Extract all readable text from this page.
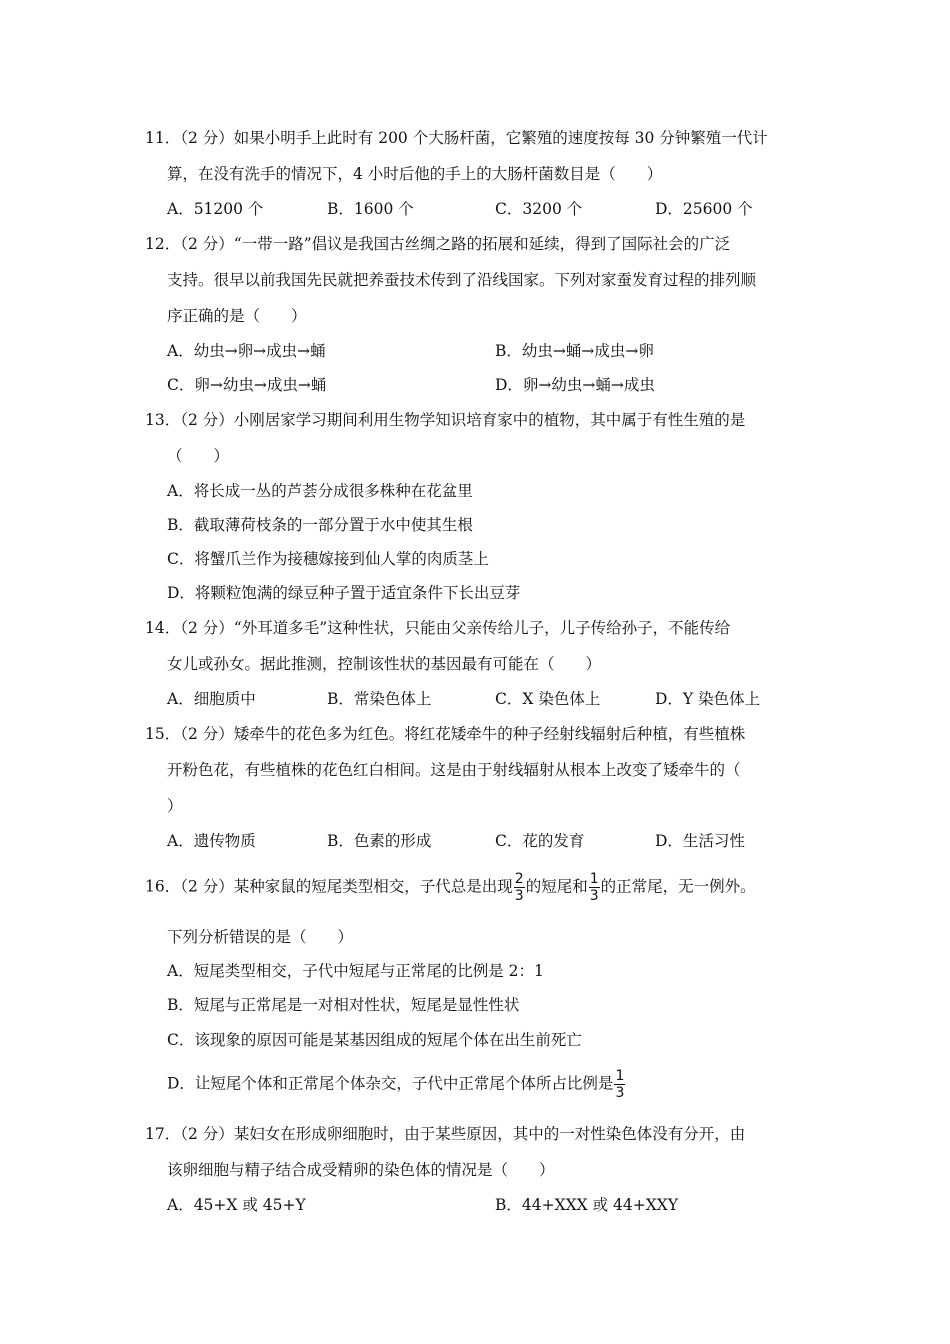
11．（2 分）如果小明手上此时有 200 个大肠杆菌，它繁殖的速度按每 30 分钟繁殖一代计
算，在没有洗手的情况下，4 小时后他的手上的大肠杆菌数目是（　　）
A．51200 个	B．1600 个	C．3200 个	D．25600 个
12．（2 分）“一带一路”倡议是我国古丝绸之路的拓展和延续，得到了国际社会的广泛
支持。很早以前我国先民就把养蚕技术传到了沿线国家。下列对家蚕发育过程的排列顺
序正确的是（　　）
A．幼虫→卵→成虫→蛹	B．幼虫→蛹→成虫→卵
C．卵→幼虫→成虫→蛹	D．卵→幼虫→蛹→成虫
13．（2 分）小刚居家学习期间利用生物学知识培育家中的植物，其中属于有性生殖的是
（　　）
A．将长成一丛的芦荟分成很多株种在花盆里
B．截取薄荷枝条的一部分置于水中使其生根
C．将蟹爪兰作为接穗嫁接到仙人掌的肉质茎上
D．将颗粒饱满的绿豆种子置于适宜条件下长出豆芽
14．（2 分）“外耳道多毛”这种性状，只能由父亲传给儿子，儿子传给孙子，不能传给
女儿或孙女。据此推测，控制该性状的基因最有可能在（　　）
A．细胞质中	B．常染色体上	C．X 染色体上	D．Y 染色体上
15．（2 分）矮牵牛的花色多为红色。将红花矮牵牛的种子经射线辐射后种植，有些植株
开粉色花，有些植株的花色红白相间。这是由于射线辐射从根本上改变了矮牵牛的（
）
A．遗传物质	B．色素的形成	C．花的发育	D．生活习性
16．（2 分）某种家鼠的短尾类型相交，子代总是出现 $\frac{2}{3}$ 的短尾和 $\frac{1}{3}$ 的正常尾，无一例外。
下列分析错误的是（　　）
A．短尾类型相交，子代中短尾与正常尾的比例是 2：1
B．短尾与正常尾是一对相对性状，短尾是显性性状
C．该现象的原因可能是某基因组成的短尾个体在出生前死亡
D．让短尾个体和正常尾个体杂交，子代中正常尾个体所占比例是 $\frac{1}{3}$
17．（2 分）某妇女在形成卵细胞时，由于某些原因，其中的一对性染色体没有分开，由
该卵细胞与精子结合成受精卵的染色体的情况是（　　）
A．45+X 或 45+Y	B．44+XXX 或 44+XXY
